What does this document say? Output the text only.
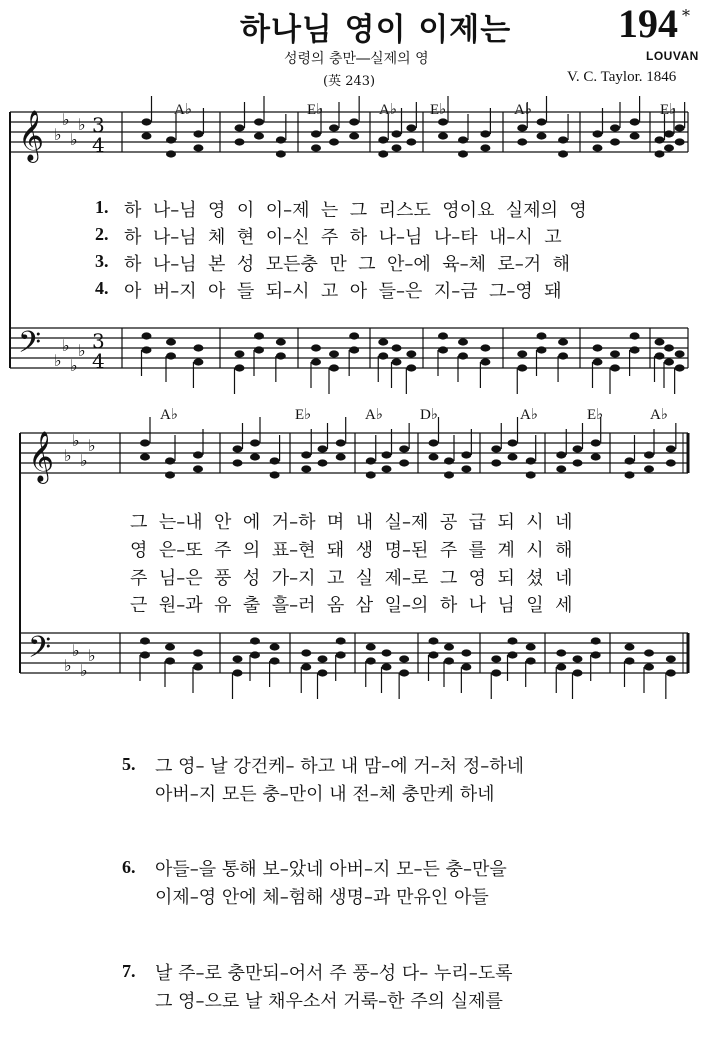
하나님 영이 이제는	194 *
LOUVAN
성령의 충만―실제의 영
(英 243)	V. C. Taylor. 1846
𝄞
𝄢
♭
♭
♭
♭
♭
♭
♭
♭
3
4
3
4
𝄞
𝄢
♭
♭
♭
♭
♭
♭
♭
♭
A♭	E♭	A♭ E♭	A♭	E♭
1. 하  나–님  영  이  이–제  는  그  리스도  영이요  실제의  영
2. 하  나–님  체  현  이–신  주  하  나–님  나–타  내–시  고
3. 하  나–님  본  성  모든충  만  그  안–에  육–체  로–거  해
4. 아  버–지  아  들  되–시  고  아  들–은  지–금  그–영  돼
A♭	E♭	A♭ D♭	A♭	E♭	A♭
그  는–내  안  에  거–하  며  내  실–제  공  급  되  시  네
영  은–또  주  의  표–현  돼  생  명–된  주  를  계  시  해
주  님–은  풍  성  가–지  고  실  제–로  그  영  되  셨  네
근  원–과  유  출  흘–러  옴  삼  일–의  하  나  님  일  세
5. 그 영– 날 강건케– 하고 내 맘–에 거–처 정–하네
아버–지 모든 충–만이 내 전–체 충만케 하네
6. 아들–을 통해 보–았네 아버–지 모–든 충–만을
이제–영 안에 체–험해 생명–과 만유인 아들
7. 날 주–로 충만되–어서 주 풍–성 다– 누리–도록
그 영–으로 날 채우소서 거룩–한 주의 실제를
